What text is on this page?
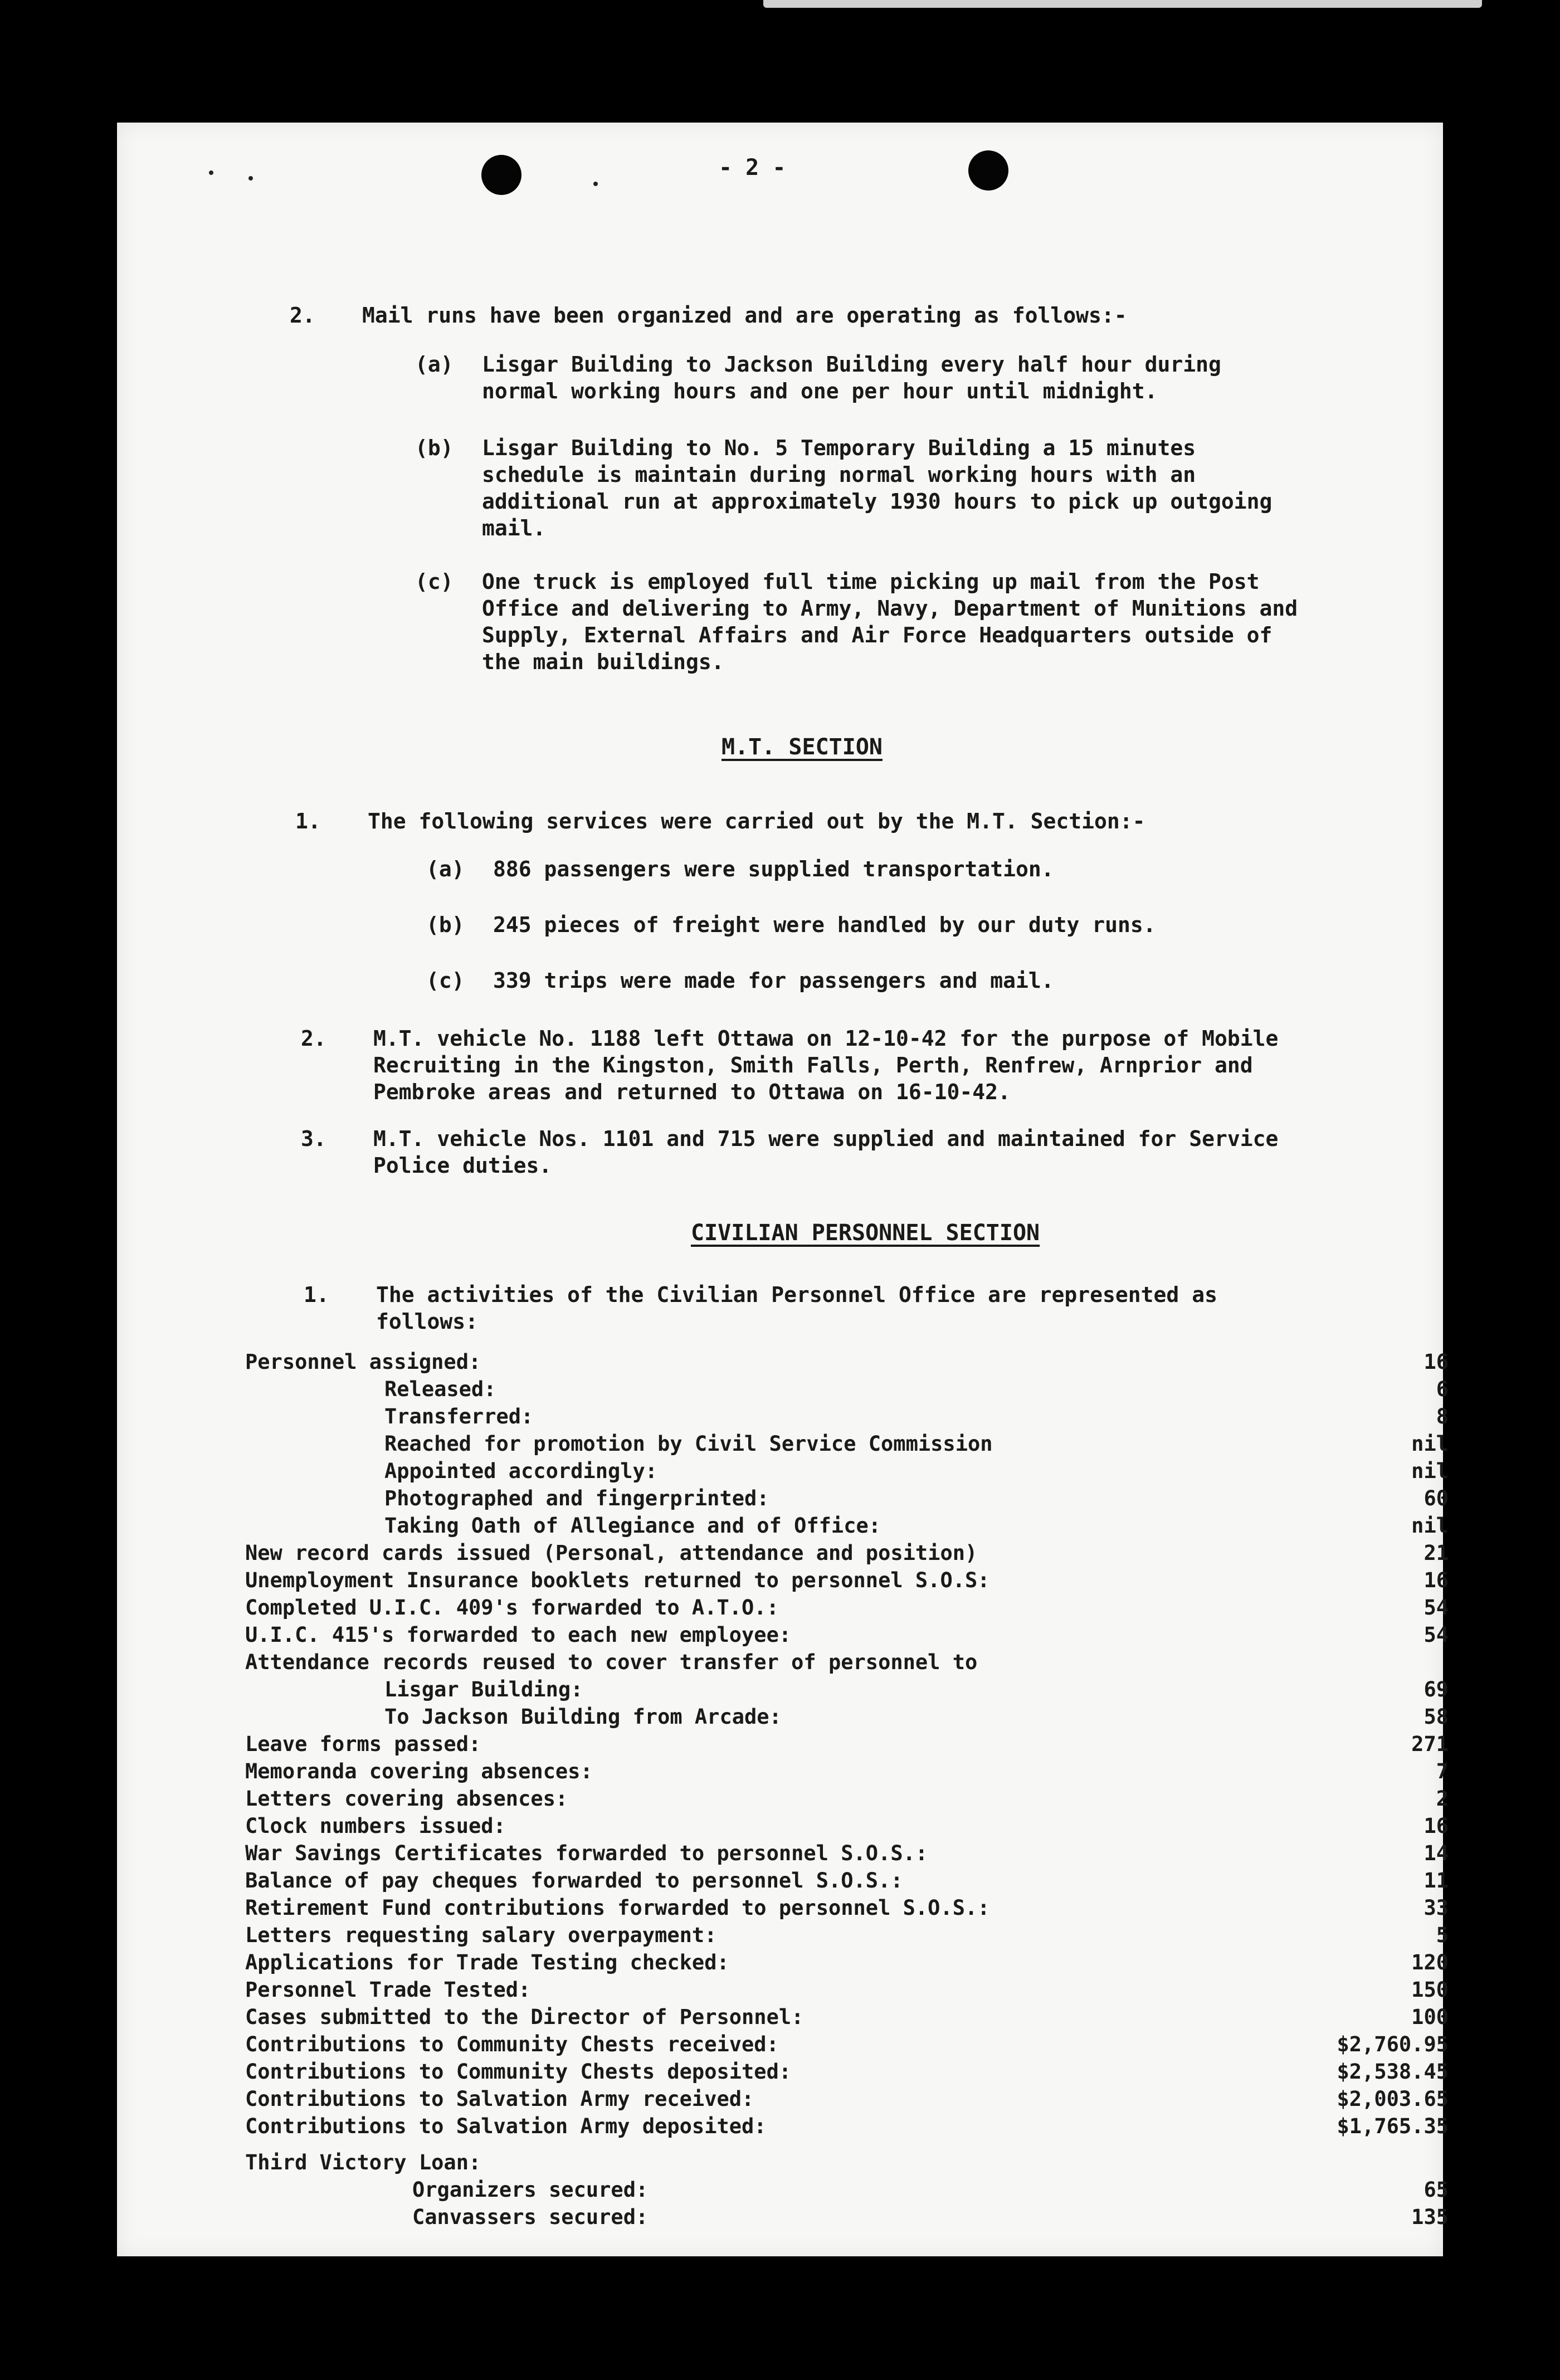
- 2 -
2. Mail runs have been organized and are operating as follows:-
(a) Lisgar Building to Jackson Building every half hour during normal working hours and one per hour until midnight.
(b) Lisgar Building to No. 5 Temporary Building a 15 minutes schedule is maintain during normal working hours with an additional run at approximately 1930 hours to pick up outgoing mail.
(c) One truck is employed full time picking up mail from the Post Office and delivering to Army, Navy, Department of Munitions and Supply, External Affairs and Air Force Headquarters outside of the main buildings.
M.T. SECTION
1. The following services were carried out by the M.T. Section:-
(a) 886 passengers were supplied transportation.
(b) 245 pieces of freight were handled by our duty runs.
(c) 339 trips were made for passengers and mail.
2. M.T. vehicle No. 1188 left Ottawa on 12-10-42 for the purpose of Mobile Recruiting in the Kingston, Smith Falls, Perth, Renfrew, Arnprior and Pembroke areas and returned to Ottawa on 16-10-42.
3. M.T. vehicle Nos. 1101 and 715 were supplied and maintained for Service Police duties.
CIVILIAN PERSONNEL SECTION
1. The activities of the Civilian Personnel Office are represented as follows:
Personnel assigned:	16
Released:	6
Transferred:	8
Reached for promotion by Civil Service Commission	nil
Appointed accordingly:	nil
Photographed and fingerprinted:	60
Taking Oath of Allegiance and of Office:	nil
New record cards issued (Personal, attendance and position)	21
Unemployment Insurance booklets returned to personnel S.O.S:	16
Completed U.I.C. 409's forwarded to A.T.O.:	54
U.I.C. 415's forwarded to each new employee:	54
Attendance records reused to cover transfer of personnel to
Lisgar Building:	69
To Jackson Building from Arcade:	58
Leave forms passed:	271
Memoranda covering absences:	7
Letters covering absences:	2
Clock numbers issued:	16
War Savings Certificates forwarded to personnel S.O.S.:	14
Balance of pay cheques forwarded to personnel S.O.S.:	11
Retirement Fund contributions forwarded to personnel S.O.S.:	33
Letters requesting salary overpayment:	5
Applications for Trade Testing checked:	120
Personnel Trade Tested:	150
Cases submitted to the Director of Personnel:	100
Contributions to Community Chests received:	$2,760.95
Contributions to Community Chests deposited:	$2,538.45
Contributions to Salvation Army received:	$2,003.65
Contributions to Salvation Army deposited:	$1,765.35
Third Victory Loan:
Organizers secured:	65
Canvassers secured:	135
